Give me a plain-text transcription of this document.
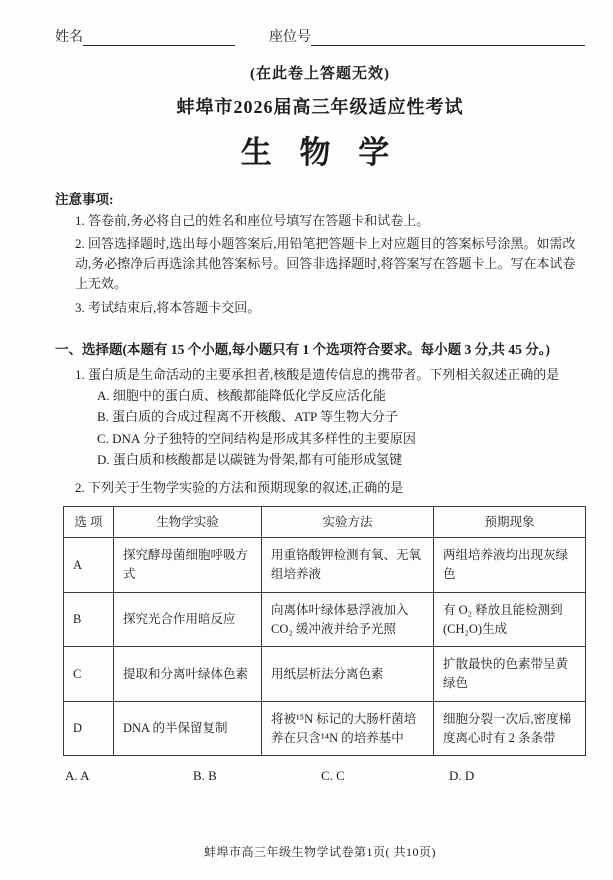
姓名	座位号
(在此卷上答题无效)
蚌埠市2026届高三年级适应性考试
生 物 学
注意事项:
1. 答卷前,务必将自己的姓名和座位号填写在答题卡和试卷上。
2. 回答选择题时,选出每小题答案后,用铅笔把答题卡上对应题目的答案标号涂黑。如需改动,务必擦净后再选涂其他答案标号。回答非选择题时,将答案写在答题卡上。写在本试卷上无效。
3. 考试结束后,将本答题卡交回。
一、选择题(本题有 15 个小题,每小题只有 1 个选项符合要求。每小题 3 分,共 45 分。)
1. 蛋白质是生命活动的主要承担者,核酸是遗传信息的携带者。下列相关叙述正确的是
A. 细胞中的蛋白质、核酸都能降低化学反应活化能
B. 蛋白质的合成过程离不开核酸、ATP 等生物大分子
C. DNA 分子独特的空间结构是形成其多样性的主要原因
D. 蛋白质和核酸都是以碳链为骨架,都有可能形成氢键
2. 下列关于生物学实验的方法和预期现象的叙述,正确的是
选 项	生物学实验	实验方法	预期现象
A	探究酵母菌细胞呼吸方式	用重铬酸钾检测有氧、无氧组培养液	两组培养液均出现灰绿色
B	探究光合作用暗反应	向离体叶绿体悬浮液加入 CO₂ 缓冲液并给予光照	有 O₂ 释放且能检测到(CH₂O)生成
C	提取和分离叶绿体色素	用纸层析法分离色素	扩散最快的色素带呈黄绿色
D	DNA 的半保留复制	将被¹⁵N 标记的大肠杆菌培养在只含¹⁴N 的培养基中	细胞分裂一次后,密度梯度离心时有 2 条条带
A. A	B. B	C. C	D. D
蚌埠市高三年级生物学试卷第1页( 共10页)
